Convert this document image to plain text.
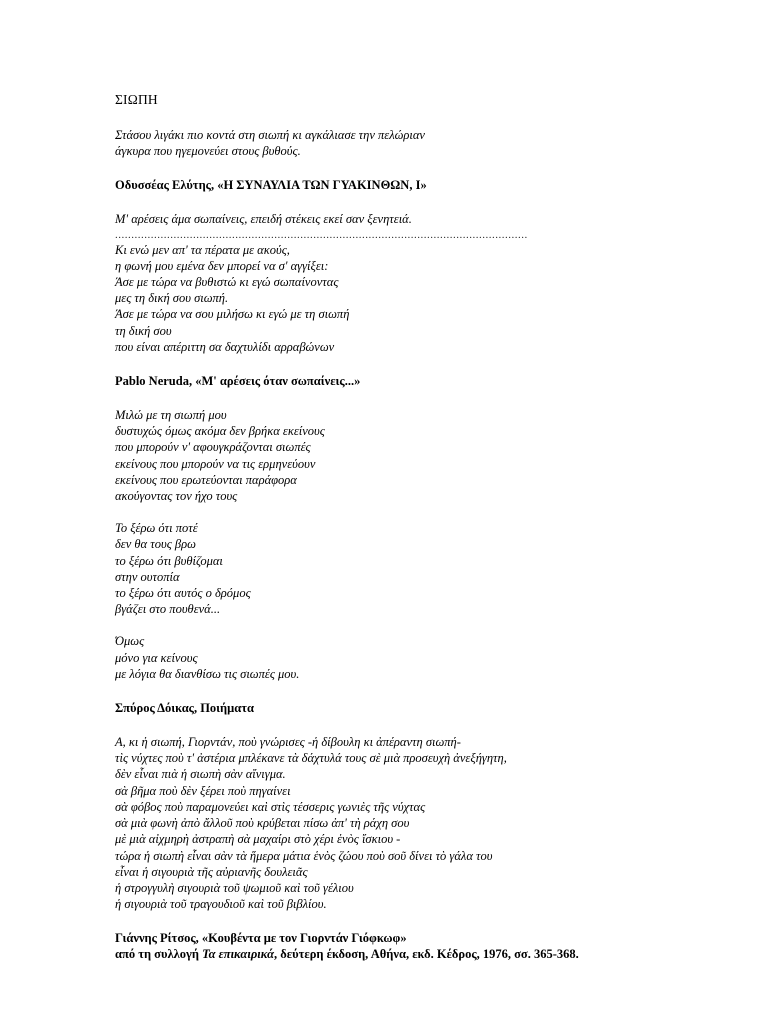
ΣΙΩΠΗ
Στάσου λιγάκι πιο κοντά στη σιωπή κι αγκάλιασε την πελώριαν
άγκυρα που ηγεμονεύει στους βυθούς.
Οδυσσέας Ελύτης, «Η ΣΥΝΑΥΛΙΑ ΤΩΝ ΓΥΑΚΙΝΘΩΝ, Ι»
Μ' αρέσεις άμα σωπαίνεις, επειδή στέκεις εκεί σαν ξενητειά.
...............................................................................................................................
Κι ενώ μεν απ' τα πέρατα με ακούς,
η φωνή μου εμένα δεν μπορεί να σ' αγγίξει:
Άσε με τώρα να βυθιστώ κι εγώ σωπαίνοντας
μες τη δική σου σιωπή.
Άσε με τώρα να σου μιλήσω κι εγώ με τη σιωπή
τη δική σου
που είναι απέριττη σα δαχτυλίδι αρραβώνων
Pablo Neruda, «Μ' αρέσεις όταν σωπαίνεις...»
Μιλώ με τη σιωπή μου
δυστυχώς όμως ακόμα δεν βρήκα εκείνους
που μπορούν ν' αφουγκράζονται σιωπές
εκείνους που μπορούν να τις ερμηνεύουν
εκείνους που ερωτεύονται παράφορα
ακούγοντας τον ήχο τους
Το ξέρω ότι ποτέ
δεν θα τους βρω
το ξέρω ότι βυθίζομαι
στην ουτοπία
το ξέρω ότι αυτός ο δρόμος
βγάζει στο πουθενά...
Όμως
μόνο για κείνους
με λόγια θα διανθίσω τις σιωπές μου.
Σπύρος Δόικας, Ποιήματα
Α, κι ἡ σιωπή, Γιορντάν, ποὺ γνώρισες -ἡ δίβουλη κι ἀπέραντη σιωπή-
τὶς νύχτες ποὺ τ' ἀστέρια μπλέκανε τὰ δάχτυλά τους σὲ μιὰ προσευχὴ ἀνεξήγητη,
δὲν εἶναι πιὰ ἡ σιωπὴ σὰν αἴνιγμα.
σὰ βῆμα ποὺ δὲν ξέρει ποὺ πηγαίνει
σὰ φόβος ποὺ παραμονεύει καὶ στὶς τέσσερις γωνιὲς τῆς νύχτας
σὰ μιὰ φωνὴ ἀπὸ ἄλλοῦ ποὺ κρύβεται πίσω ἀπ' τὴ ράχη σου
μὲ μιὰ αἰχμηρὴ ἀστραπὴ σὰ μαχαίρι στὸ χέρι ἑνὸς ἴσκιου -
τώρα ἡ σιωπὴ εἶναι σὰν τὰ ἥμερα μάτια ἑνὸς ζώου ποὺ σοῦ δίνει τὸ γάλα του
εἶναι ἡ σιγουριὰ τῆς αὐριανῆς δουλειᾶς
ἡ στρογγυλὴ σιγουριὰ τοῦ ψωμιοῦ καὶ τοῦ γέλιου
ἡ σιγουριὰ τοῦ τραγουδιοῦ καὶ τοῦ βιβλίου.
Γιάννης Ρίτσος, «Κουβέντα με τον Γιορντάν Γιόφκωφ»
από τη συλλογή Τα επικαιρικά, δεύτερη έκδοση, Αθήνα, εκδ. Κέδρος, 1976, σσ. 365-368.
